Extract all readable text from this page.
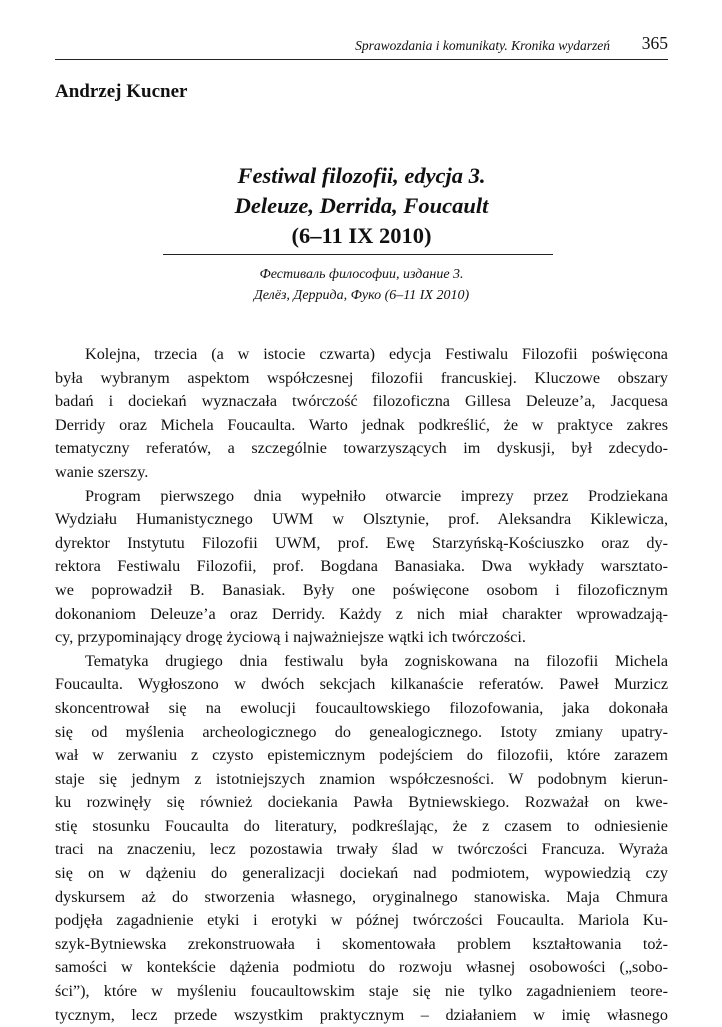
Sprawozdania i komunikaty. Kronika wydarzeń 365
Andrzej Kucner
Festiwal filozofii, edycja 3.
Deleuze, Derrida, Foucault
(6–11 IX 2010)
Фестиваль философии, издание 3.
Делёз, Деррида, Фуко (6–11 IX 2010)
Kolejna, trzecia (a w istocie czwarta) edycja Festiwalu Filozofii poświęcona
była wybranym aspektom współczesnej filozofii francuskiej. Kluczowe obszary
badań i dociekań wyznaczała twórczość filozoficzna Gillesa Deleuze’a, Jacquesa
Derridy oraz Michela Foucaulta. Warto jednak podkreślić, że w praktyce zakres
tematyczny referatów, a szczególnie towarzyszących im dyskusji, był zdecydo-
wanie szerszy.
Program pierwszego dnia wypełniło otwarcie imprezy przez Prodziekana
Wydziału Humanistycznego UWM w Olsztynie, prof. Aleksandra Kiklewicza,
dyrektor Instytutu Filozofii UWM, prof. Ewę Starzyńską-Kościuszko oraz dy-
rektora Festiwalu Filozofii, prof. Bogdana Banasiaka. Dwa wykłady warsztato-
we poprowadził B. Banasiak. Były one poświęcone osobom i filozoficznym
dokonaniom Deleuze’a oraz Derridy. Każdy z nich miał charakter wprowadzają-
cy, przypominający drogę życiową i najważniejsze wątki ich twórczości.
Tematyka drugiego dnia festiwalu była zogniskowana na filozofii Michela
Foucaulta. Wygłoszono w dwóch sekcjach kilkanaście referatów. Paweł Murzicz
skoncentrował się na ewolucji foucaultowskiego filozofowania, jaka dokonała
się od myślenia archeologicznego do genealogicznego. Istoty zmiany upatry-
wał w zerwaniu z czysto epistemicznym podejściem do filozofii, które zarazem
staje się jednym z istotniejszych znamion współczesności. W podobnym kierun-
ku rozwinęły się również dociekania Pawła Bytniewskiego. Rozważał on kwe-
stię stosunku Foucaulta do literatury, podkreślając, że z czasem to odniesienie
traci na znaczeniu, lecz pozostawia trwały ślad w twórczości Francuza. Wyraża
się on w dążeniu do generalizacji dociekań nad podmiotem, wypowiedzią czy
dyskursem aż do stworzenia własnego, oryginalnego stanowiska. Maja Chmura
podjęła zagadnienie etyki i erotyki w późnej twórczości Foucaulta. Mariola Ku-
szyk-Bytniewska zrekonstruowała i skomentowała problem kształtowania toż-
samości w kontekście dążenia podmiotu do rozwoju własnej osobowości („sobo-
ści”), które w myśleniu foucaultowskim staje się nie tylko zagadnieniem teore-
tycznym, lecz przede wszystkim praktycznym – działaniem w imię własnego
